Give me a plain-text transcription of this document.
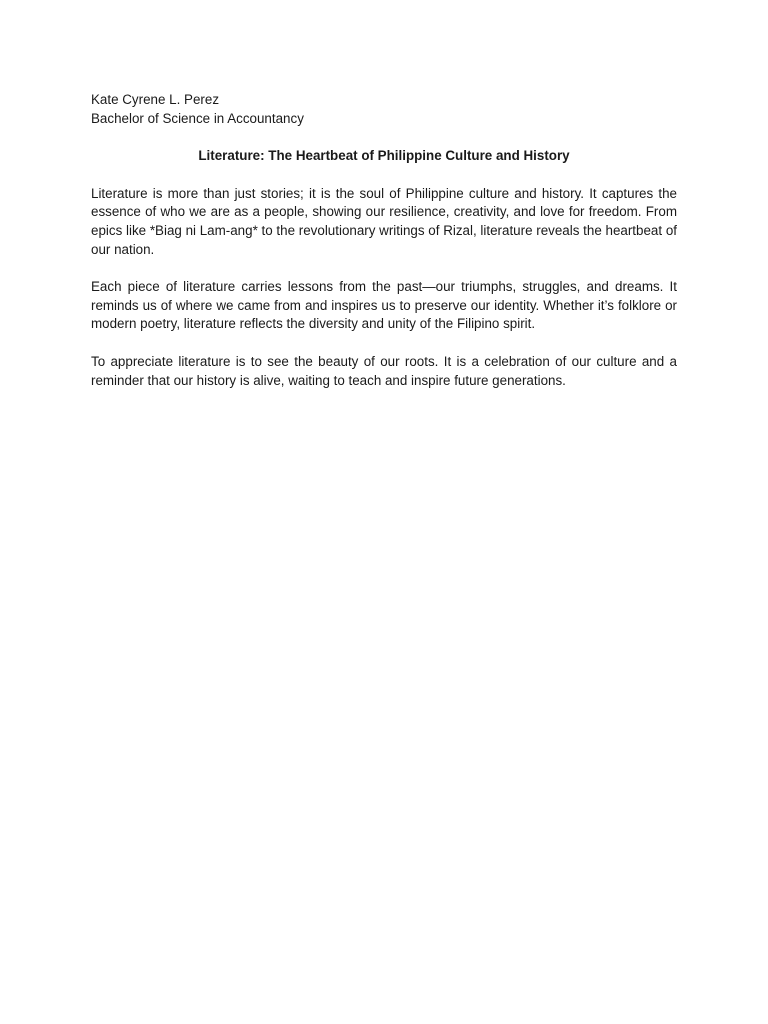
Kate Cyrene L. Perez

Bachelor of Science in Accountancy

Literature: The Heartbeat of Philippine Culture and History

Literature is more than just stories; it is the soul of Philippine culture and history. It captures the essence of who we are as a people, showing our resilience, creativity, and love for freedom. From epics like *Biag ni Lam-ang* to the revolutionary writings of Rizal, literature reveals the heartbeat of our nation.

Each piece of literature carries lessons from the past—our triumphs, struggles, and dreams. It reminds us of where we came from and inspires us to preserve our identity. Whether it’s folklore or modern poetry, literature reflects the diversity and unity of the Filipino spirit.

To appreciate literature is to see the beauty of our roots. It is a celebration of our culture and a reminder that our history is alive, waiting to teach and inspire future generations.
